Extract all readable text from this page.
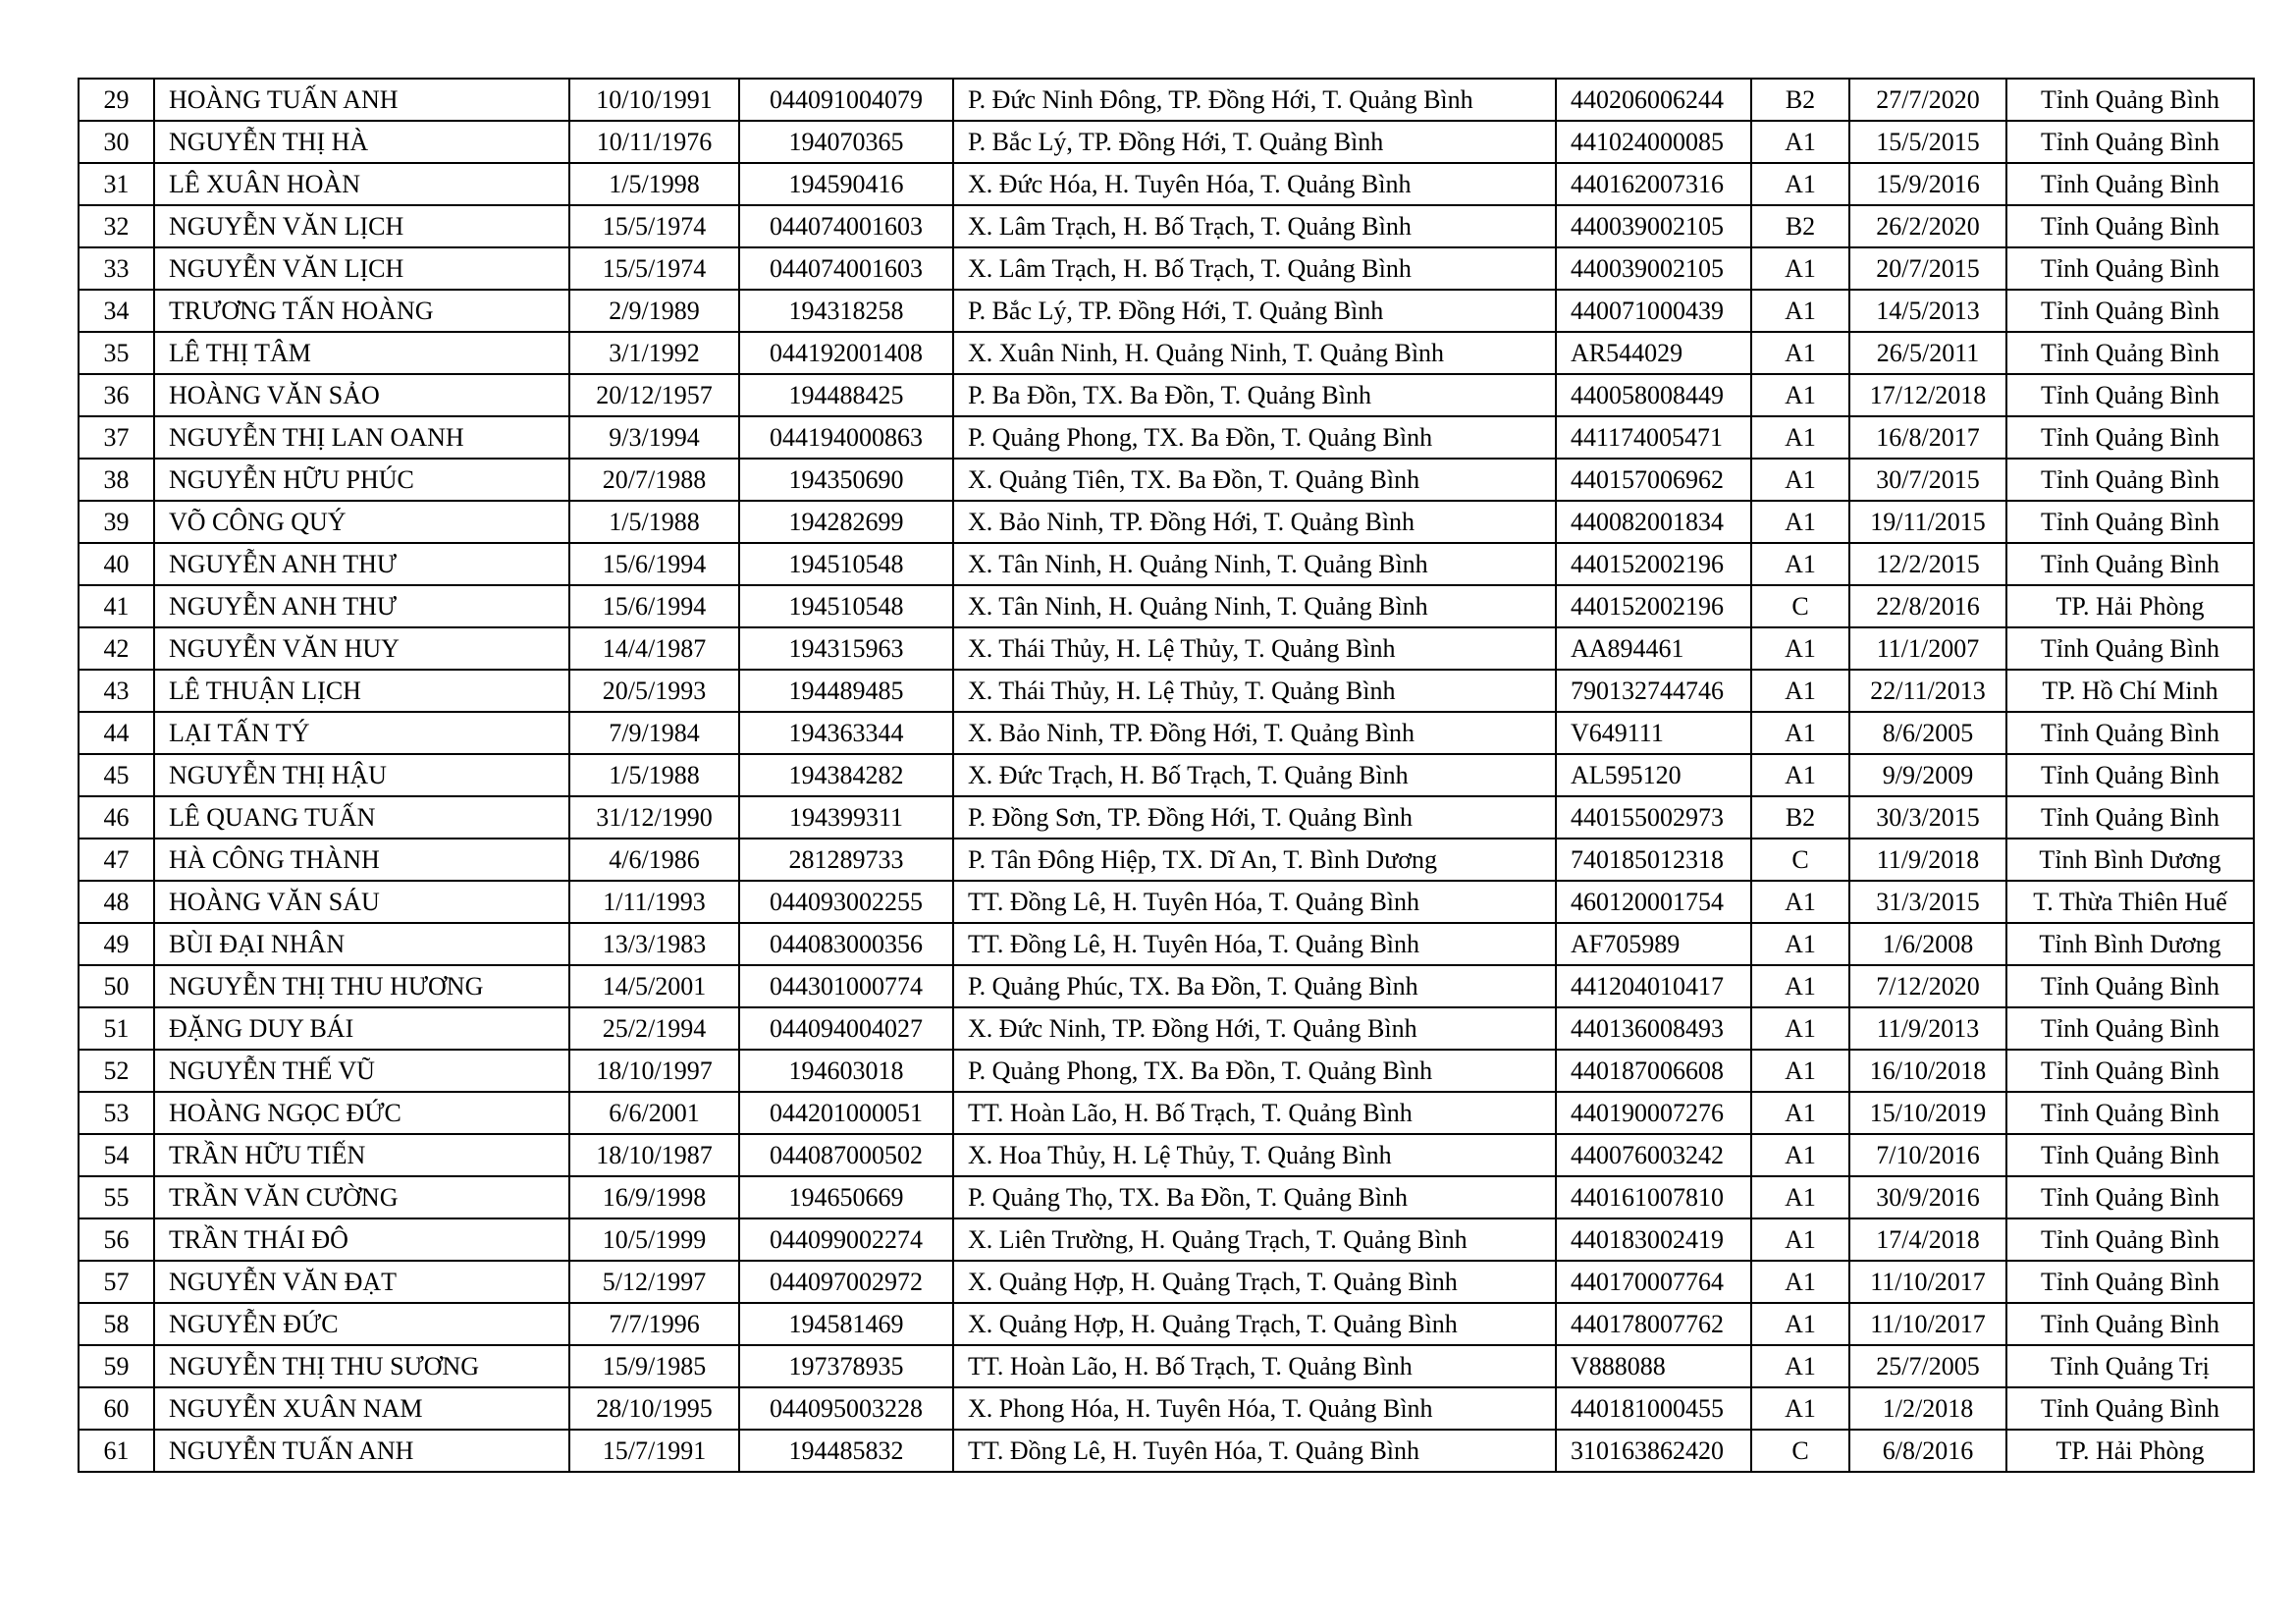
29	HOÀNG TUẤN ANH	10/10/1991	044091004079	P. Đức Ninh Đông, TP. Đồng Hới, T. Quảng Bình	440206006244	B2	27/7/2020	Tỉnh Quảng Bình
30	NGUYỄN THỊ HÀ	10/11/1976	194070365	P. Bắc Lý, TP. Đồng Hới, T. Quảng Bình	441024000085	A1	15/5/2015	Tỉnh Quảng Bình
31	LÊ XUÂN HOÀN	1/5/1998	194590416	X. Đức Hóa, H. Tuyên Hóa, T. Quảng Bình	440162007316	A1	15/9/2016	Tỉnh Quảng Bình
32	NGUYỄN VĂN LỊCH	15/5/1974	044074001603	X. Lâm Trạch, H. Bố Trạch, T. Quảng Bình	440039002105	B2	26/2/2020	Tỉnh Quảng Bình
33	NGUYỄN VĂN LỊCH	15/5/1974	044074001603	X. Lâm Trạch, H. Bố Trạch, T. Quảng Bình	440039002105	A1	20/7/2015	Tỉnh Quảng Bình
34	TRƯƠNG TẤN HOÀNG	2/9/1989	194318258	P. Bắc Lý, TP. Đồng Hới, T. Quảng Bình	440071000439	A1	14/5/2013	Tỉnh Quảng Bình
35	LÊ THỊ TÂM	3/1/1992	044192001408	X. Xuân Ninh, H. Quảng Ninh, T. Quảng Bình	AR544029	A1	26/5/2011	Tỉnh Quảng Bình
36	HOÀNG VĂN SẢO	20/12/1957	194488425	P. Ba Đồn, TX. Ba Đồn, T. Quảng Bình	440058008449	A1	17/12/2018	Tỉnh Quảng Bình
37	NGUYỄN THỊ LAN OANH	9/3/1994	044194000863	P. Quảng Phong, TX. Ba Đồn, T. Quảng Bình	441174005471	A1	16/8/2017	Tỉnh Quảng Bình
38	NGUYỄN HỮU PHÚC	20/7/1988	194350690	X. Quảng Tiên, TX. Ba Đồn, T. Quảng Bình	440157006962	A1	30/7/2015	Tỉnh Quảng Bình
39	VÕ CÔNG QUÝ	1/5/1988	194282699	X. Bảo Ninh, TP. Đồng Hới, T. Quảng Bình	440082001834	A1	19/11/2015	Tỉnh Quảng Bình
40	NGUYỄN ANH THƯ	15/6/1994	194510548	X. Tân Ninh, H. Quảng Ninh, T. Quảng Bình	440152002196	A1	12/2/2015	Tỉnh Quảng Bình
41	NGUYỄN ANH THƯ	15/6/1994	194510548	X. Tân Ninh, H. Quảng Ninh, T. Quảng Bình	440152002196	C	22/8/2016	TP. Hải Phòng
42	NGUYỄN VĂN HUY	14/4/1987	194315963	X. Thái Thủy, H. Lệ Thủy, T. Quảng Bình	AA894461	A1	11/1/2007	Tỉnh Quảng Bình
43	LÊ THUẬN LỊCH	20/5/1993	194489485	X. Thái Thủy, H. Lệ Thủy, T. Quảng Bình	790132744746	A1	22/11/2013	TP. Hồ Chí Minh
44	LẠI TẤN TÝ	7/9/1984	194363344	X. Bảo Ninh, TP. Đồng Hới, T. Quảng Bình	V649111	A1	8/6/2005	Tỉnh Quảng Bình
45	NGUYỄN THỊ HẬU	1/5/1988	194384282	X. Đức Trạch, H. Bố Trạch, T. Quảng Bình	AL595120	A1	9/9/2009	Tỉnh Quảng Bình
46	LÊ QUANG TUẤN	31/12/1990	194399311	P. Đồng Sơn, TP. Đồng Hới, T. Quảng Bình	440155002973	B2	30/3/2015	Tỉnh Quảng Bình
47	HÀ CÔNG THÀNH	4/6/1986	281289733	P. Tân Đông Hiệp, TX. Dĩ An, T. Bình Dương	740185012318	C	11/9/2018	Tỉnh Bình Dương
48	HOÀNG VĂN SÁU	1/11/1993	044093002255	TT. Đồng Lê, H. Tuyên Hóa, T. Quảng Bình	460120001754	A1	31/3/2015	T. Thừa Thiên Huế
49	BÙI ĐẠI NHÂN	13/3/1983	044083000356	TT. Đồng Lê, H. Tuyên Hóa, T. Quảng Bình	AF705989	A1	1/6/2008	Tỉnh Bình Dương
50	NGUYỄN THỊ THU HƯƠNG	14/5/2001	044301000774	P. Quảng Phúc, TX. Ba Đồn, T. Quảng Bình	441204010417	A1	7/12/2020	Tỉnh Quảng Bình
51	ĐẶNG DUY BÁI	25/2/1994	044094004027	X. Đức Ninh, TP. Đồng Hới, T. Quảng Bình	440136008493	A1	11/9/2013	Tỉnh Quảng Bình
52	NGUYỄN THẾ VŨ	18/10/1997	194603018	P. Quảng Phong, TX. Ba Đồn, T. Quảng Bình	440187006608	A1	16/10/2018	Tỉnh Quảng Bình
53	HOÀNG NGỌC ĐỨC	6/6/2001	044201000051	TT. Hoàn Lão, H. Bố Trạch, T. Quảng Bình	440190007276	A1	15/10/2019	Tỉnh Quảng Bình
54	TRẦN HỮU TIẾN	18/10/1987	044087000502	X. Hoa Thủy, H. Lệ Thủy, T. Quảng Bình	440076003242	A1	7/10/2016	Tỉnh Quảng Bình
55	TRẦN VĂN CƯỜNG	16/9/1998	194650669	P. Quảng Thọ, TX. Ba Đồn, T. Quảng Bình	440161007810	A1	30/9/2016	Tỉnh Quảng Bình
56	TRẦN THÁI ĐÔ	10/5/1999	044099002274	X. Liên Trường, H. Quảng Trạch, T. Quảng Bình	440183002419	A1	17/4/2018	Tỉnh Quảng Bình
57	NGUYỄN VĂN ĐẠT	5/12/1997	044097002972	X. Quảng Hợp, H. Quảng Trạch, T. Quảng Bình	440170007764	A1	11/10/2017	Tỉnh Quảng Bình
58	NGUYỄN ĐỨC	7/7/1996	194581469	X. Quảng Hợp, H. Quảng Trạch, T. Quảng Bình	440178007762	A1	11/10/2017	Tỉnh Quảng Bình
59	NGUYỄN THỊ THU SƯƠNG	15/9/1985	197378935	TT. Hoàn Lão, H. Bố Trạch, T. Quảng Bình	V888088	A1	25/7/2005	Tỉnh Quảng Trị
60	NGUYỄN XUÂN NAM	28/10/1995	044095003228	X. Phong Hóa, H. Tuyên Hóa, T. Quảng Bình	440181000455	A1	1/2/2018	Tỉnh Quảng Bình
61	NGUYỄN TUẤN ANH	15/7/1991	194485832	TT. Đồng Lê, H. Tuyên Hóa, T. Quảng Bình	310163862420	C	6/8/2016	TP. Hải Phòng
